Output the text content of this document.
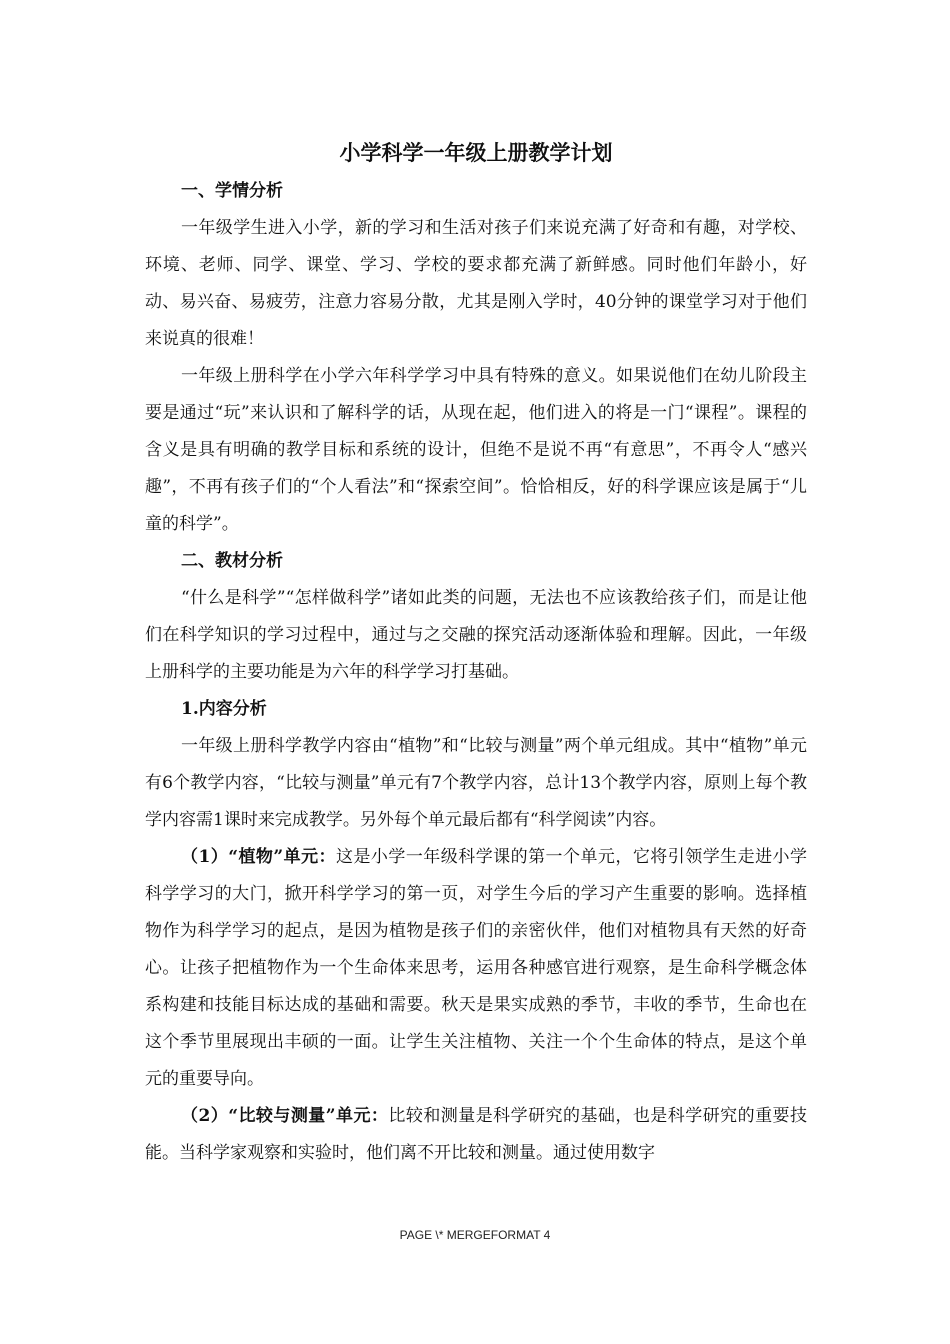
小学科学一年级上册教学计划

一、学情分析

一年级学生进入小学，新的学习和生活对孩子们来说充满了好奇和有趣，对学校、环境、老师、同学、课堂、学习、学校的要求都充满了新鲜感。同时他们年龄小，好动、易兴奋、易疲劳，注意力容易分散，尤其是刚入学时，40分钟的课堂学习对于他们来说真的很难！

一年级上册科学在小学六年科学学习中具有特殊的意义。如果说他们在幼儿阶段主要是通过“玩”来认识和了解科学的话，从现在起，他们进入的将是一门“课程”。课程的含义是具有明确的教学目标和系统的设计，但绝不是说不再“有意思”，不再令人“感兴趣”，不再有孩子们的“个人看法”和“探索空间”。恰恰相反，好的科学课应该是属于“儿童的科学”。

二、教材分析

“什么是科学”“怎样做科学”诸如此类的问题，无法也不应该教给孩子们，而是让他们在科学知识的学习过程中，通过与之交融的探究活动逐渐体验和理解。因此，一年级上册科学的主要功能是为六年的科学学习打基础。

1.内容分析

一年级上册科学教学内容由“植物”和“比较与测量”两个单元组成。其中“植物”单元有6个教学内容，“比较与测量”单元有7个教学内容，总计13个教学内容，原则上每个教学内容需1课时来完成教学。另外每个单元最后都有“科学阅读”内容。

（1）“植物”单元：这是小学一年级科学课的第一个单元，它将引领学生走进小学科学学习的大门，掀开科学学习的第一页，对学生今后的学习产生重要的影响。选择植物作为科学学习的起点，是因为植物是孩子们的亲密伙伴，他们对植物具有天然的好奇心。让孩子把植物作为一个生命体来思考，运用各种感官进行观察，是生命科学概念体系构建和技能目标达成的基础和需要。秋天是果实成熟的季节，丰收的季节，生命也在这个季节里展现出丰硕的一面。让学生关注植物、关注一个个生命体的特点，是这个单元的重要导向。

（2）“比较与测量”单元：比较和测量是科学研究的基础，也是科学研究的重要技能。当科学家观察和实验时，他们离不开比较和测量。通过使用数字

PAGE \* MERGEFORMAT 4
